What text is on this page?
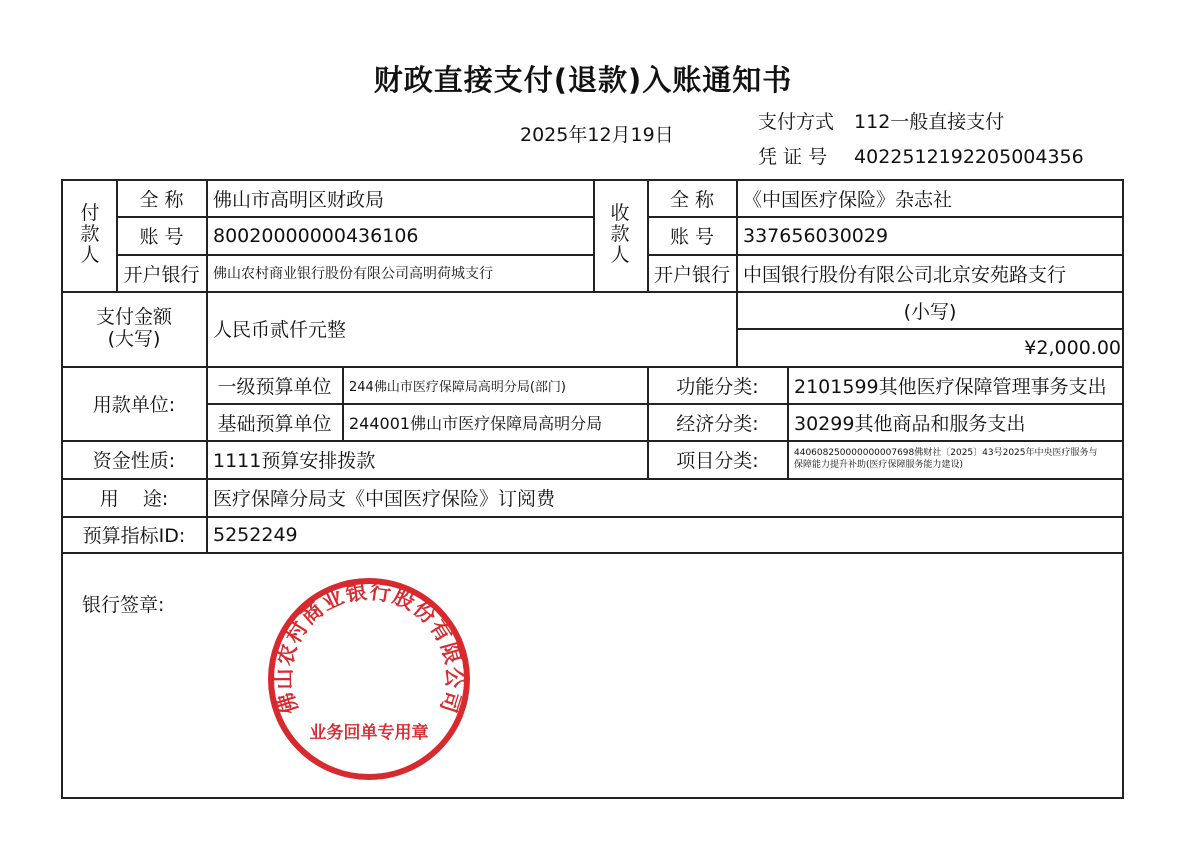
财政直接支付(退款)入账通知书
2025年12月19日
支付方式 112一般直接支付
凭 证 号 402251219220500435​6
付款人
全 称	佛山市高明区财政局
账 号	80020000000436106
开户银行 佛山农村商业银行股份有限公司高明荷城支行
收款人
全 称	《中国医疗保险》杂志社
账 号	337656030029
开户银行 中国银行股份有限公司北京安苑路支行
支付金额
(大写)	人民币贰仟元整
(小写)
¥2,000.00
用款单位:
一级预算单位	244佛山市医疗保障局高明分局(部门)
基础预算单位	244001佛山市医疗保障局高明分局
功能分类:	2101599其他医疗保障管理事务支出
经济分类:	30299其他商品和服务支出
资金性质:	1111预算安排拨款	项目分类:	440608250000000007698佛财社〔2025〕43号2025年中央医疗服务与保障能力提升补助(医疗保障服务能力建设)
用    途:	医疗保障分局支《中国医疗保险》订阅费
预算指标ID:	5252249
银行签章:
佛山农村商业银行股份有限公司
业务回单专用章
